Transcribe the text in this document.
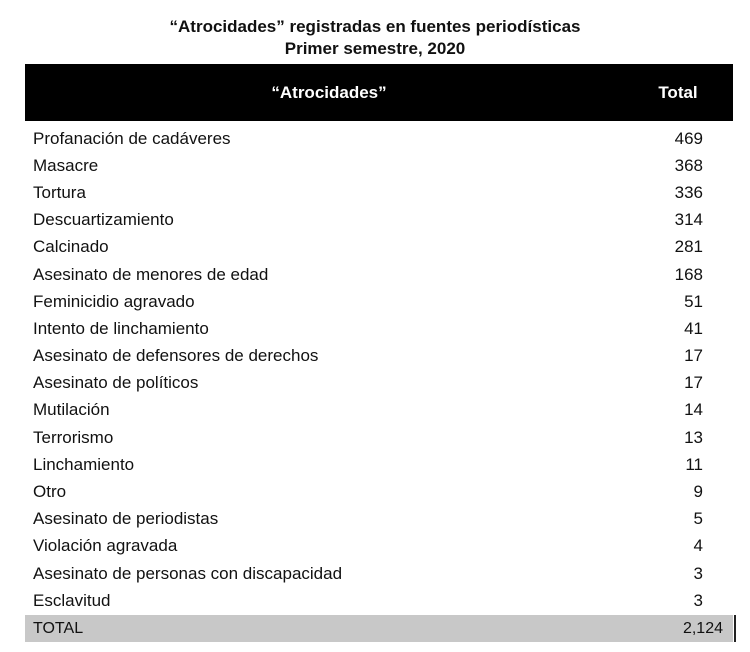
“Atrocidades” registradas en fuentes periodísticas
Primer semestre, 2020
“Atrocidades”	Total
Profanación de cadáveres	469
Masacre	368
Tortura	336
Descuartizamiento	314
Calcinado	281
Asesinato de menores de edad	168
Feminicidio agravado	51
Intento de linchamiento	41
Asesinato de defensores de derechos	17
Asesinato de políticos	17
Mutilación	14
Terrorismo	13
Linchamiento	11
Otro	9
Asesinato de periodistas	5
Violación agravada	4
Asesinato de personas con discapacidad	3
Esclavitud	3
TOTAL	2,124
